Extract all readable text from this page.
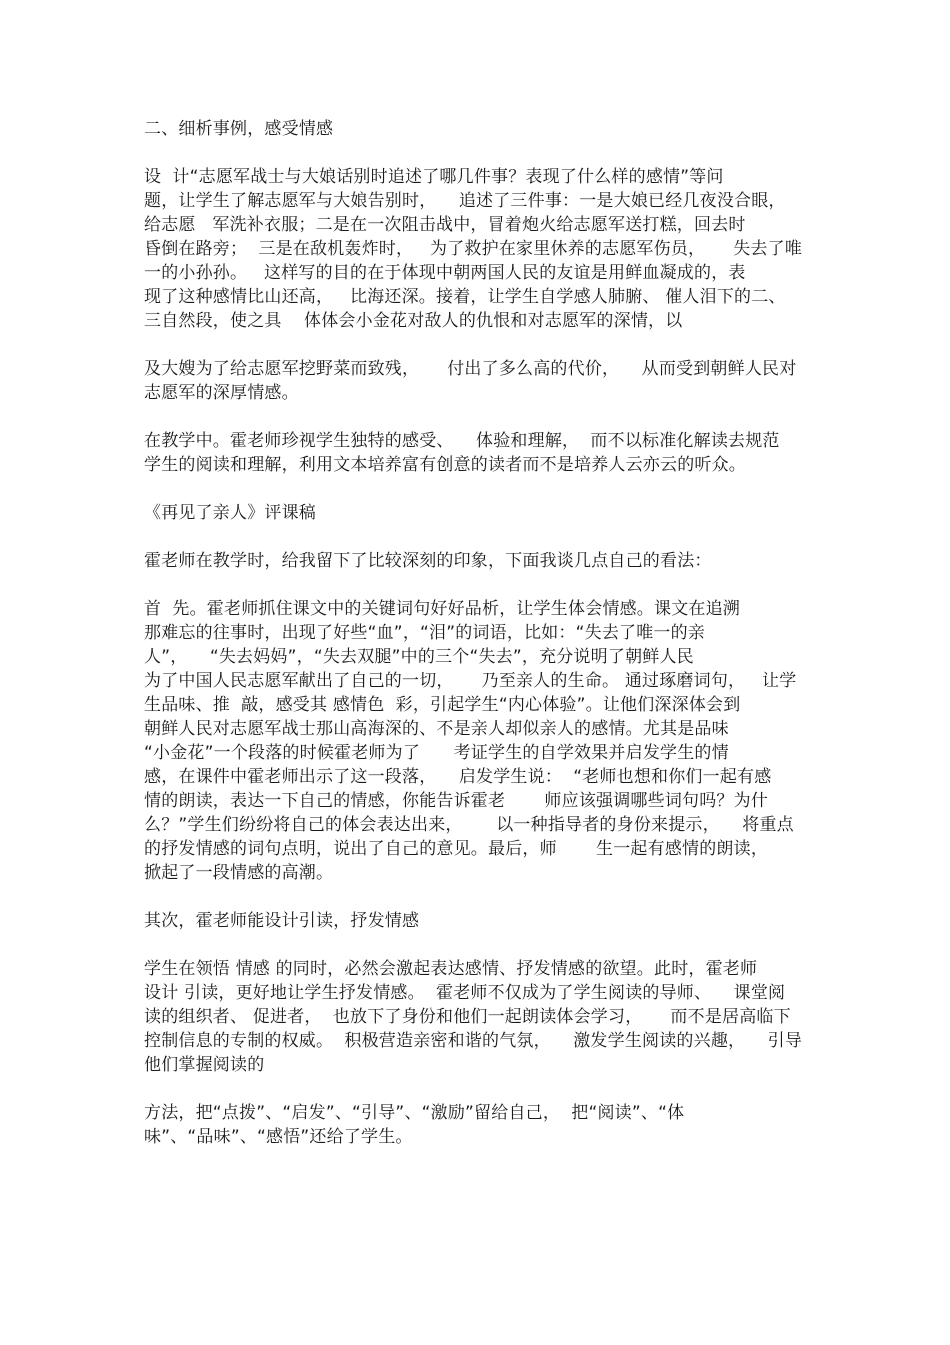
二、细析事例，感受情感
设  计“志愿军战士与大娘话别时追述了哪几件事？表现了什么样的感情”等问
题，让学生了解志愿军与大娘告别时，    追述了三件事：一是大娘已经几夜没合眼，
给志愿   军洗补衣服；二是在一次阻击战中，冒着炮火给志愿军送打糕，回去时
昏倒在路旁；  三是在敌机轰炸时，   为了救护在家里休养的志愿军伤员，     失去了唯
一的小孙孙。   这样写的目的在于体现中朝两国人民的友谊是用鲜血凝成的，表
现了这种感情比山还高，   比海还深。接着，让学生自学感人肺腑、 催人泪下的二、
三自然段，使之具    体体会小金花对敌人的仇恨和对志愿军的深情，以
及大嫂为了给志愿军挖野菜而致残，     付出了多么高的代价，    从而受到朝鲜人民对
志愿军的深厚情感。
在教学中。霍老师珍视学生独特的感受、    体验和理解，  而不以标准化解读去规范
学生的阅读和理解，利用文本培养富有创意的读者而不是培养人云亦云的听众。
《再见了亲人》评课稿
霍老师在教学时，给我留下了比较深刻的印象，下面我谈几点自己的看法：
首  先。霍老师抓住课文中的关键词句好好品析，让学生体会情感。课文在追溯
那难忘的往事时，出现了好些“血”，“泪”的词语，比如：“失去了唯一的亲
人”，    “失去妈妈”，“失去双腿”中的三个“失去”，充分说明了朝鲜人民
为了中国人民志愿军献出了自己的一切，     乃至亲人的生命。 通过琢磨词句，   让学
生品味、推  敲，感受其 感情色  彩，引起学生“内心体验”。让他们深深体会到
朝鲜人民对志愿军战士那山高海深的、不是亲人却似亲人的感情。尤其是品味
“小金花”一个段落的时候霍老师为了      考证学生的自学效果并启发学生的情
感，在课件中霍老师出示了这一段落，    启发学生说：  “老师也想和你们一起有感
情的朗读，表达一下自己的情感，你能告诉霍老       师应该强调哪些词句吗？为什
么？”学生们纷纷将自己的体会表达出来，      以一种指导者的身份来提示，    将重点
的抒发情感的词句点明，说出了自己的意见。最后，师       生一起有感情的朗读，
掀起了一段情感的高潮。
其次，霍老师能设计引读，抒发情感
学生在领悟 情感 的同时，必然会激起表达感情、抒发情感的欲望。此时，霍老师
设计 引读，更好地让学生抒发情感。  霍老师不仅成为了学生阅读的导师、    课堂阅
读的组织者、 促进者，  也放下了身份和他们一起朗读体会学习，     而不是居高临下
控制信息的专制的权威。  积极营造亲密和谐的气氛，    激发学生阅读的兴趣，    引导
他们掌握阅读的
方法，把“点拨”、“启发”、“引导”、“激励”留给自己，  把“阅读”、“体
味”、“品味”、“感悟”还给了学生。
